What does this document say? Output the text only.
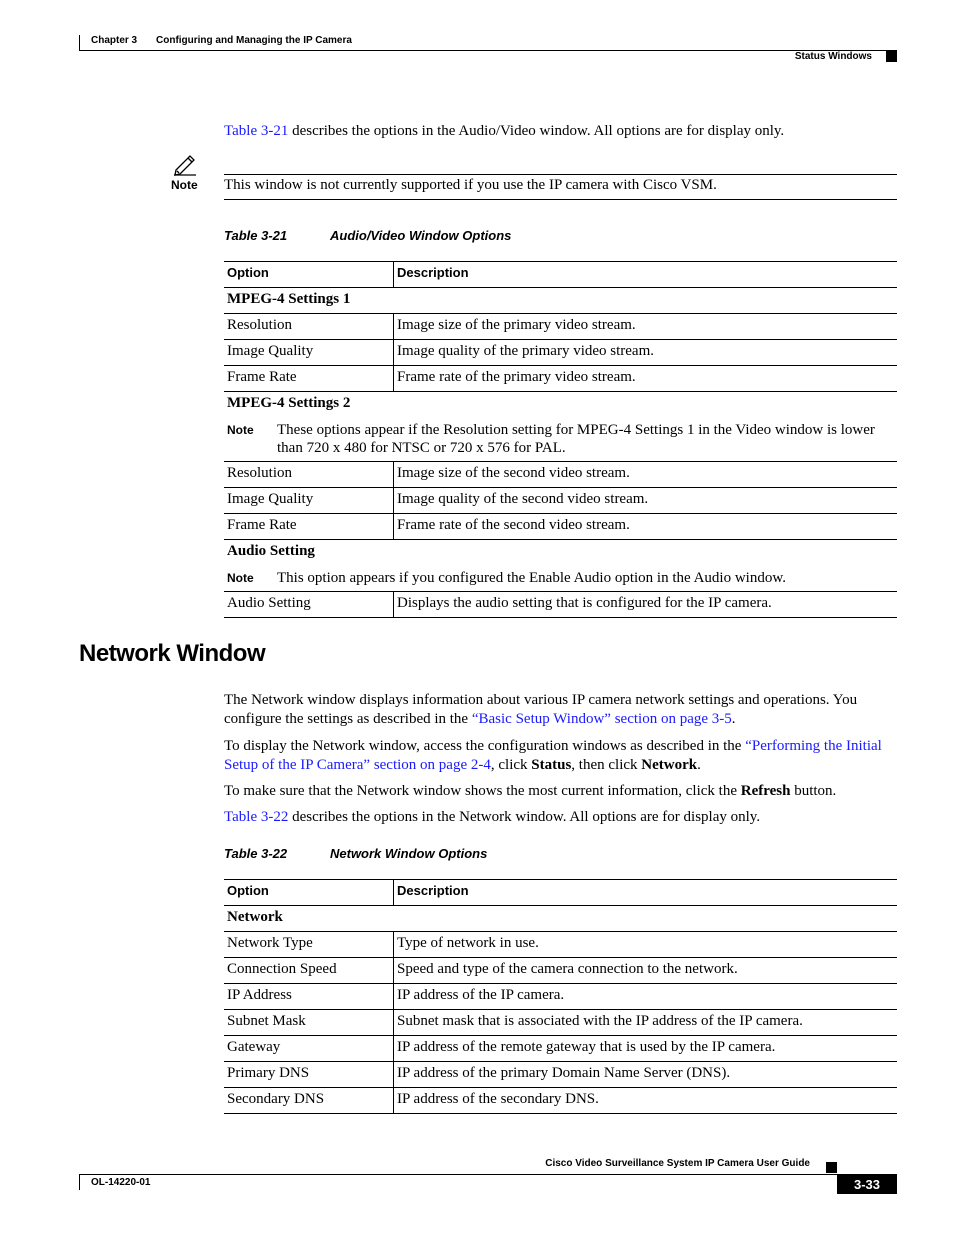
Chapter 3 Configuring and Managing the IP Camera
Status Windows

Table 3-21 describes the options in the Audio/Video window. All options are for display only.

Note This window is not currently supported if you use the IP camera with Cisco VSM.

Table 3-21	Audio/Video Window Options
Option	Description
MPEG-4 Settings 1	
Resolution	Image size of the primary video stream.
Image Quality	Image quality of the primary video stream.
Frame Rate	Frame rate of the primary video stream.
MPEG-4 Settings 2	
Note These options appear if the Resolution setting for MPEG-4 Settings 1 in the Video window is lower than 720 x 480 for NTSC or 720 x 576 for PAL.	
Resolution	Image size of the second video stream.
Image Quality	Image quality of the second video stream.
Frame Rate	Frame rate of the second video stream.
Audio Setting	
Note This option appears if you configured the Enable Audio option in the Audio window.	
Audio Setting	Displays the audio setting that is configured for the IP camera.
Network Window

The Network window displays information about various IP camera network settings and operations. You configure the settings as described in the “Basic Setup Window” section on page 3-5.

To display the Network window, access the configuration windows as described in the “Performing the Initial Setup of the IP Camera” section on page 2-4, click Status, then click Network.

To make sure that the Network window shows the most current information, click the Refresh button.

Table 3-22 describes the options in the Network window. All options are for display only.

Table 3-22	Network Window Options
Option	Description
Network	
Network Type	Type of network in use.
Connection Speed	Speed and type of the camera connection to the network.
IP Address	IP address of the IP camera.
Subnet Mask	Subnet mask that is associated with the IP address of the IP camera.
Gateway	IP address of the remote gateway that is used by the IP camera.
Primary DNS	IP address of the primary Domain Name Server (DNS).
Secondary DNS	IP address of the secondary DNS.
Cisco Video Surveillance System IP Camera User Guide
OL-14220-01	3-33
